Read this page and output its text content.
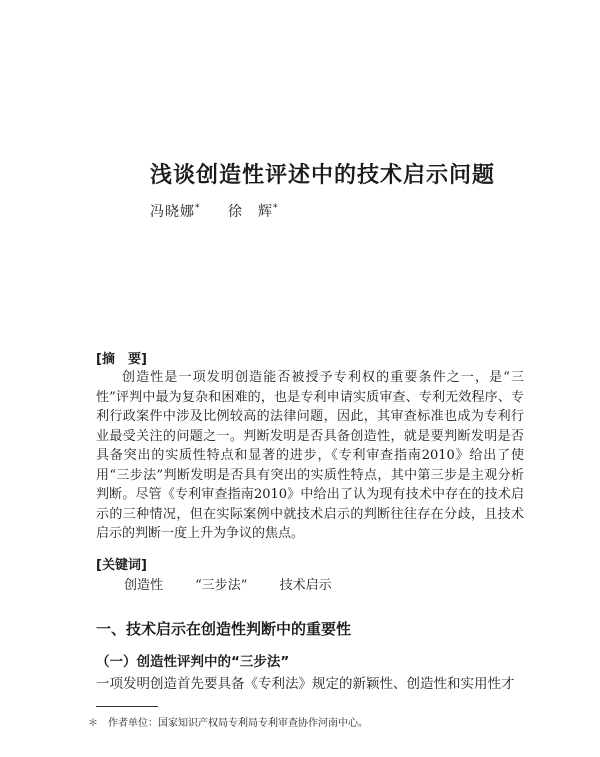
浅谈创造性评述中的技术启示问题
冯晓娜* 徐　辉*
[摘　要]

创造性是一项发明创造能否被授予专利权的重要条件之一，是“三性”评判中最为复杂和困难的，也是专利申请实质审查、专利无效程序、专利行政案件中涉及比例较高的法律问题，因此，其审查标准也成为专利行业最受关注的问题之一。判断发明是否具备创造性，就是要判断发明是否具备突出的实质性特点和显著的进步，《专利审查指南2010》给出了使用“三步法”判断发明是否具有突出的实质性特点，其中第三步是主观分析判断。尽管《专利审查指南2010》中给出了认为现有技术中存在的技术启示的三种情况，但在实际案例中就技术启示的判断往往存在分歧，且技术启示的判断一度上升为争议的焦点。

[关键词]
创造性 “三步法” 技术启示
一、技术启示在创造性判断中的重要性
（一）创造性评判中的“三步法”

一项发明创造首先要具备《专利法》规定的新颖性、创造性和实用性才

＊　作者单位：国家知识产权局专利局专利审查协作河南中心。
